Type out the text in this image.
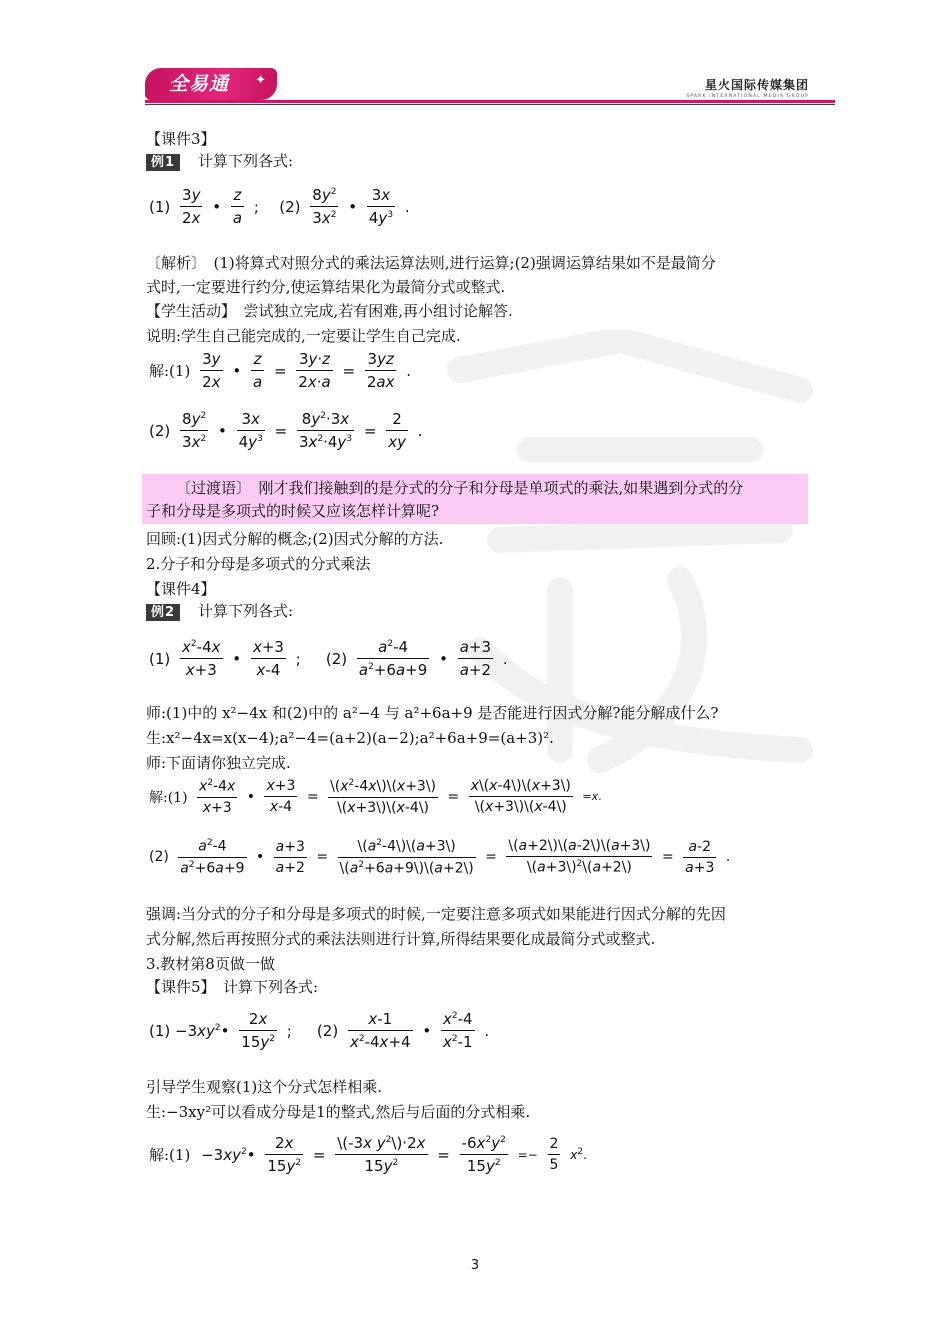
全易通 ✦	星火国际传媒集团
SPARK INTERNATIONAL MEDIA GROUP
【课件3】
例1 计算下列各式:
$(1) \frac{3y}{2x}$ • $\frac{z}{a}$ ;   $(2) \frac{8y^2}{3x^2}$ • $\frac{3x}{4y^3}$ .
〔解析〕　(1)将算式对照分式的乘法运算法则,进行运算;(2)强调运算结果如不是最简分
式时,一定要进行约分,使运算结果化为最简分式或整式.
【学生活动】　尝试独立完成,若有困难,再小组讨论解答.
说明:学生自己能完成的,一定要让学生自己完成.
解:(1) $\frac{3y}{2x}$ • $\frac{z}{a} = \frac{3y\cdot z}{2x\cdot a} = \frac{3yz}{2ax}$ .
$(2) \frac{8y^2}{3x^2}$ • $\frac{3x}{4y^3} = \frac{8y^2\cdot 3x}{3x^2\cdot 4y^3} = \frac{2}{xy}$ .
〔过渡语〕　刚才我们接触到的是分式的分子和分母是单项式的乘法,如果遇到分式的分
子和分母是多项式的时候又应该怎样计算呢?
回顾:(1)因式分解的概念;(2)因式分解的方法.
2.分子和分母是多项式的分式乘法
【课件4】
例2 计算下列各式:
$(1) \frac{x^2-4x}{x+3}$ • $\frac{x+3}{x-4}$ ;    $(2) \frac{a^2-4}{a^2+6a+9}$ • $\frac{a+3}{a+2}$ .
师:(1)中的 x²−4x 和(2)中的 a²−4 与 a²+6a+9 是否能进行因式分解?能分解成什么?
生:x²−4x=x(x−4);a²−4=(a+2)(a−2);a²+6a+9=(a+3)².
师:下面请你独立完成.
解:(1) $\frac{x^2-4x}{x+3}$ • $\frac{x+3}{x-4} = \frac{\backslash(x^2-4x\backslash)\backslash(x+3\backslash)}{\backslash(x+3\backslash)\backslash(x-4\backslash)} = \frac{x\backslash(x-4\backslash)\backslash(x+3\backslash)}{\backslash(x+3\backslash)\backslash(x-4\backslash)} =x$.
$(2) \frac{a^2-4}{a^2+6a+9}$ • $\frac{a+3}{a+2} = \frac{\backslash(a^2-4\backslash)\backslash(a+3\backslash)}{\backslash(a^2+6a+9\backslash)\backslash(a+2\backslash)} = \frac{\backslash(a+2\backslash)\backslash(a-2\backslash)\backslash(a+3\backslash)}{\backslash(a+3\backslash)^2\backslash(a+2\backslash)} = \frac{a-2}{a+3}$ .
强调:当分式的分子和分母是多项式的时候,一定要注意多项式如果能进行因式分解的先因
式分解,然后再按照分式的乘法法则进行计算,所得结果要化成最简分式或整式.
3.教材第8页做一做
【课件5】　计算下列各式:
$(1) -3xy^2• \frac{2x}{15y^2}$ ;    $(2) \frac{x-1}{x^2-4x+4}$ • $\frac{x^2-4}{x^2-1}$ .
引导学生观察(1)这个分式怎样相乘.
生:−3xy²可以看成分母是1的整式,然后与后面的分式相乘.
解:(1) $-3xy^2• \frac{2x}{15y^2} = \frac{\backslash(-3x y^2\backslash)\cdot 2x}{15y^2} = \frac{-6x^2y^2}{15y^2} =- \frac{2}{5} x^2$.
3
